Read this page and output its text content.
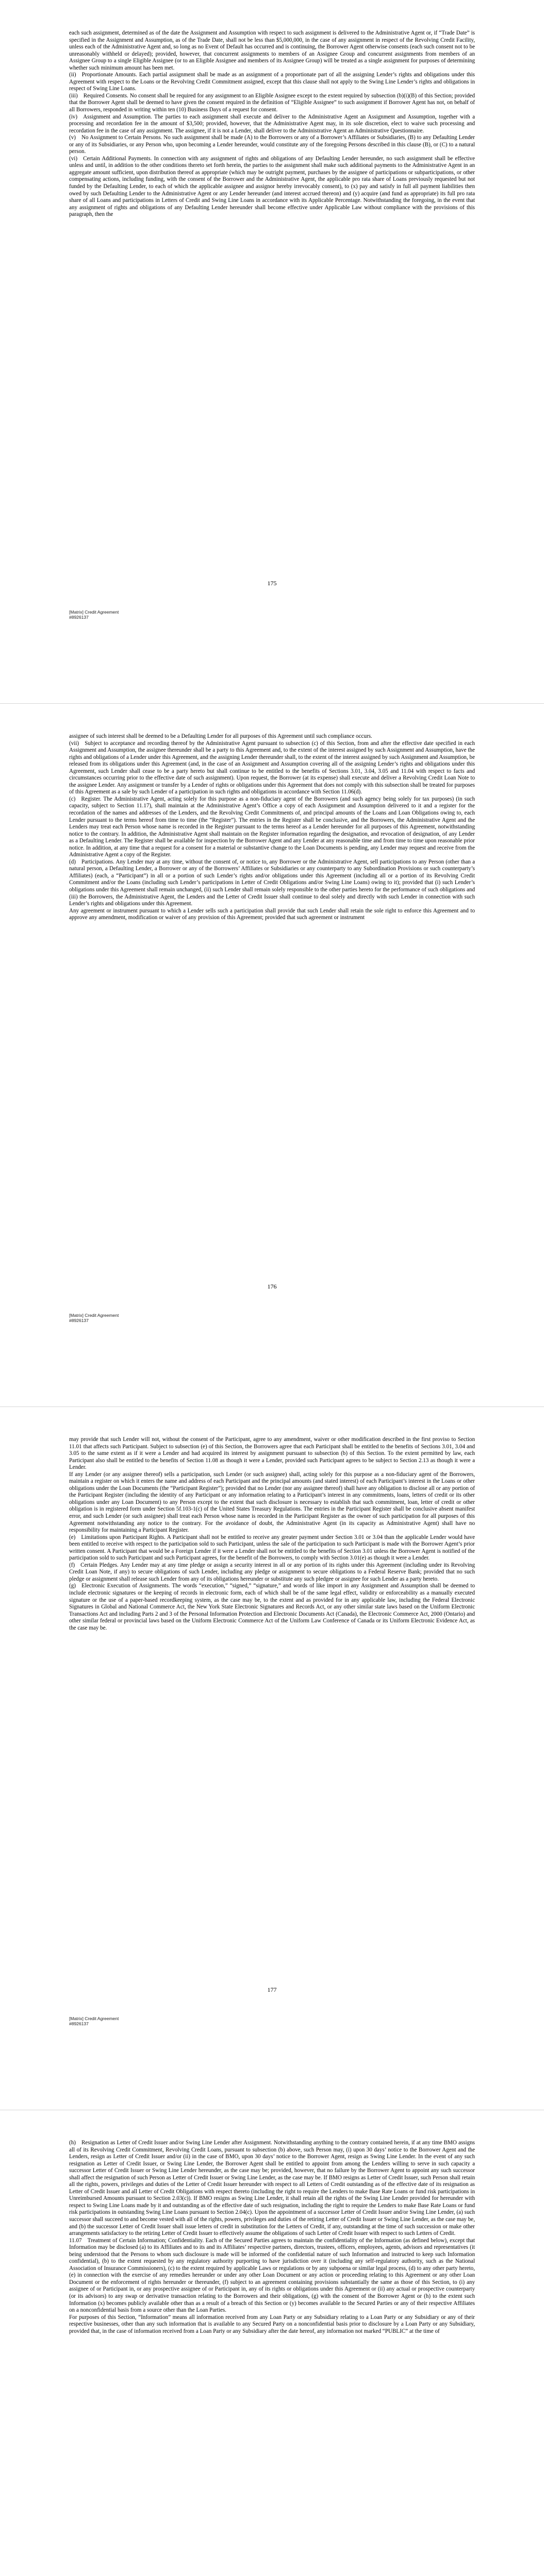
each such assignment, determined as of the date the Assignment and Assumption with respect to such assignment is delivered to the Administrative Agent or, if “Trade Date” is specified in the Assignment and Assumption, as of the Trade Date, shall not be less than $5,000,000, in the case of any assignment in respect of the Revolving Credit Facility, unless each of the Administrative Agent and, so long as no Event of Default has occurred and is continuing, the Borrower Agent otherwise consents (each such consent not to be unreasonably withheld or delayed); provided, however, that concurrent assignments to members of an Assignee Group and concurrent assignments from members of an Assignee Group to a single Eligible Assignee (or to an Eligible Assignee and members of its Assignee Group) will be treated as a single assignment for purposes of determining whether such minimum amount has been met.
(ii) Proportionate Amounts. Each partial assignment shall be made as an assignment of a proportionate part of all the assigning Lender’s rights and obligations under this Agreement with respect to the Loans or the Revolving Credit Commitment assigned, except that this clause shall not apply to the Swing Line Lender’s rights and obligations in respect of Swing Line Loans.
(iii) Required Consents. No consent shall be required for any assignment to an Eligible Assignee except to the extent required by subsection (b)(i)(B) of this Section; provided that the Borrower Agent shall be deemed to have given the consent required in the definition of “Eligible Assignee” to such assignment if Borrower Agent has not, on behalf of all Borrowers, responded in writing within ten (10) Business Days of a request for consent.
(iv) Assignment and Assumption. The parties to each assignment shall execute and deliver to the Administrative Agent an Assignment and Assumption, together with a processing and recordation fee in the amount of $3,500; provided, however, that the Administrative Agent may, in its sole discretion, elect to waive such processing and recordation fee in the case of any assignment. The assignee, if it is not a Lender, shall deliver to the Administrative Agent an Administrative Questionnaire.
(v) No Assignment to Certain Persons. No such assignment shall be made (A) to the Borrowers or any of a Borrower’s Affiliates or Subsidiaries, (B) to any Defaulting Lender or any of its Subsidiaries, or any Person who, upon becoming a Lender hereunder, would constitute any of the foregoing Persons described in this clause (B), or (C) to a natural person.
(vi) Certain Additional Payments. In connection with any assignment of rights and obligations of any Defaulting Lender hereunder, no such assignment shall be effective unless and until, in addition to the other conditions thereto set forth herein, the parties to the assignment shall make such additional payments to the Administrative Agent in an aggregate amount sufficient, upon distribution thereof as appropriate (which may be outright payment, purchases by the assignee of participations or subparticipations, or other compensating actions, including funding, with the consent of the Borrower and the Administrative Agent, the applicable pro rata share of Loans previously requested but not funded by the Defaulting Lender, to each of which the applicable assignee and assignor hereby irrevocably consent), to (x) pay and satisfy in full all payment liabilities then owed by such Defaulting Lender to the Administrative Agent or any Lender hereunder (and interest accrued thereon) and (y) acquire (and fund as appropriate) its full pro rata share of all Loans and participations in Letters of Credit and Swing Line Loans in accordance with its Applicable Percentage. Notwithstanding the foregoing, in the event that any assignment of rights and obligations of any Defaulting Lender hereunder shall become effective under Applicable Law without compliance with the provisions of this paragraph, then the

175

[Matrix] Credit Agreement
#8926137

assignee of such interest shall be deemed to be a Defaulting Lender for all purposes of this Agreement until such compliance occurs.
(vii) Subject to acceptance and recording thereof by the Administrative Agent pursuant to subsection (c) of this Section, from and after the effective date specified in each Assignment and Assumption, the assignee thereunder shall be a party to this Agreement and, to the extent of the interest assigned by such Assignment and Assumption, have the rights and obligations of a Lender under this Agreement, and the assigning Lender thereunder shall, to the extent of the interest assigned by such Assignment and Assumption, be released from its obligations under this Agreement (and, in the case of an Assignment and Assumption covering all of the assigning Lender’s rights and obligations under this Agreement, such Lender shall cease to be a party hereto but shall continue to be entitled to the benefits of Sections 3.01, 3.04, 3.05 and 11.04 with respect to facts and circumstances occurring prior to the effective date of such assignment). Upon request, the Borrower (at its expense) shall execute and deliver a Revolving Credit Loan Note to the assignee Lender. Any assignment or transfer by a Lender of rights or obligations under this Agreement that does not comply with this subsection shall be treated for purposes of this Agreement as a sale by such Lender of a participation in such rights and obligations in accordance with Section 11.06(d).
(c) Register. The Administrative Agent, acting solely for this purpose as a non-fiduciary agent of the Borrowers (and such agency being solely for tax purposes) (in such capacity, subject to Section 11.17), shall maintain at the Administrative Agent’s Office a copy of each Assignment and Assumption delivered to it and a register for the recordation of the names and addresses of the Lenders, and the Revolving Credit Commitments of, and principal amounts of the Loans and Loan Obligations owing to, each Lender pursuant to the terms hereof from time to time (the “Register”). The entries in the Register shall be conclusive, and the Borrowers, the Administrative Agent and the Lenders may treat each Person whose name is recorded in the Register pursuant to the terms hereof as a Lender hereunder for all purposes of this Agreement, notwithstanding notice to the contrary. In addition, the Administrative Agent shall maintain on the Register information regarding the designation, and revocation of designation, of any Lender as a Defaulting Lender. The Register shall be available for inspection by the Borrower Agent and any Lender at any reasonable time and from time to time upon reasonable prior notice. In addition, at any time that a request for a consent for a material or substantive change to the Loan Documents is pending, any Lender may request and receive from the Administrative Agent a copy of the Register.
(d) Participations. Any Lender may at any time, without the consent of, or notice to, any Borrower or the Administrative Agent, sell participations to any Person (other than a natural person, a Defaulting Lender, a Borrower or any of the Borrowers’ Affiliates or Subsidiaries or any counterparty to any Subordination Provisions or such counterparty’s Affiliates) (each, a “Participant”) in all or a portion of such Lender’s rights and/or obligations under this Agreement (including all or a portion of its Revolving Credit Commitment and/or the Loans (including such Lender’s participations in Letter of Credit Obligations and/or Swing Line Loans) owing to it); provided that (i) such Lender’s obligations under this Agreement shall remain unchanged, (ii) such Lender shall remain solely responsible to the other parties hereto for the performance of such obligations and (iii) the Borrowers, the Administrative Agent, the Lenders and the Letter of Credit Issuer shall continue to deal solely and directly with such Lender in connection with such Lender’s rights and obligations under this Agreement.
Any agreement or instrument pursuant to which a Lender sells such a participation shall provide that such Lender shall retain the sole right to enforce this Agreement and to approve any amendment, modification or waiver of any provision of this Agreement; provided that such agreement or instrument

176

[Matrix] Credit Agreement
#8926137

may provide that such Lender will not, without the consent of the Participant, agree to any amendment, waiver or other modification described in the first proviso to Section 11.01 that affects such Participant. Subject to subsection (e) of this Section, the Borrowers agree that each Participant shall be entitled to the benefits of Sections 3.01, 3.04 and 3.05 to the same extent as if it were a Lender and had acquired its interest by assignment pursuant to subsection (b) of this Section. To the extent permitted by law, each Participant also shall be entitled to the benefits of Section 11.08 as though it were a Lender, provided such Participant agrees to be subject to Section 2.13 as though it were a Lender.
If any Lender (or any assignee thereof) sells a participation, such Lender (or such assignee) shall, acting solely for this purpose as a non-fiduciary agent of the Borrowers, maintain a register on which it enters the name and address of each Participant and the principal amounts (and stated interest) of each Participant’s interest in the Loans or other obligations under the Loan Documents (the “Participant Register”); provided that no Lender (nor any assignee thereof) shall have any obligation to disclose all or any portion of the Participant Register (including the identity of any Participant or any information relating to a Participant’s interest in any commitments, loans, letters of credit or its other obligations under any Loan Document) to any Person except to the extent that such disclosure is necessary to establish that such commitment, loan, letter of credit or other obligation is in registered form under Section 5f.103-1(c) of the United States Treasury Regulations. The entries in the Participant Register shall be conclusive absent manifest error, and such Lender (or such assignee) shall treat each Person whose name is recorded in the Participant Register as the owner of such participation for all purposes of this Agreement notwithstanding any notice to the contrary. For the avoidance of doubt, the Administrative Agent (in its capacity as Administrative Agent) shall have no responsibility for maintaining a Participant Register.
(e) Limitations upon Participant Rights. A Participant shall not be entitled to receive any greater payment under Section 3.01 or 3.04 than the applicable Lender would have been entitled to receive with respect to the participation sold to such Participant, unless the sale of the participation to such Participant is made with the Borrower Agent’s prior written consent. A Participant that would be a Foreign Lender if it were a Lender shall not be entitled to the benefits of Section 3.01 unless the Borrower Agent is notified of the participation sold to such Participant and such Participant agrees, for the benefit of the Borrowers, to comply with Section 3.01(e) as though it were a Lender.
(f) Certain Pledges. Any Lender may at any time pledge or assign a security interest in all or any portion of its rights under this Agreement (including under its Revolving Credit Loan Note, if any) to secure obligations of such Lender, including any pledge or assignment to secure obligations to a Federal Reserve Bank; provided that no such pledge or assignment shall release such Lender from any of its obligations hereunder or substitute any such pledgee or assignee for such Lender as a party hereto.
(g) Electronic Execution of Assignments. The words “execution,” “signed,” “signature,” and words of like import in any Assignment and Assumption shall be deemed to include electronic signatures or the keeping of records in electronic form, each of which shall be of the same legal effect, validity or enforceability as a manually executed signature or the use of a paper-based recordkeeping system, as the case may be, to the extent and as provided for in any applicable law, including the Federal Electronic Signatures in Global and National Commerce Act, the New York State Electronic Signatures and Records Act, or any other similar state laws based on the Uniform Electronic Transactions Act and including Parts 2 and 3 of the Personal Information Protection and Electronic Documents Act (Canada), the Electronic Commerce Act, 2000 (Ontario) and other similar federal or provincial laws based on the Uniform Electronic Commerce Act of the Uniform Law Conference of Canada or its Uniform Electronic Evidence Act, as the case may be.

177

[Matrix] Credit Agreement
#8926137

(h) Resignation as Letter of Credit Issuer and/or Swing Line Lender after Assignment. Notwithstanding anything to the contrary contained herein, if at any time BMO assigns all of its Revolving Credit Commitment, Revolving Credit Loans, pursuant to subsection (b) above, such Person may, (i) upon 30 days’ notice to the Borrower Agent and the Lenders, resign as Letter of Credit Issuer and/or (ii) in the case of BMO, upon 30 days’ notice to the Borrower Agent, resign as Swing Line Lender. In the event of any such resignation as Letter of Credit Issuer, or Swing Line Lender, the Borrower Agent shall be entitled to appoint from among the Lenders willing to serve in such capacity a successor Letter of Credit Issuer or Swing Line Lender hereunder, as the case may be; provided, however, that no failure by the Borrower Agent to appoint any such successor shall affect the resignation of such Person as Letter of Credit Issuer or Swing Line Lender, as the case may be. If BMO resigns as Letter of Credit Issuer, such Person shall retain all the rights, powers, privileges and duties of the Letter of Credit Issuer hereunder with respect to all Letters of Credit outstanding as of the effective date of its resignation as Letter of Credit Issuer and all Letter of Credit Obligations with respect thereto (including the right to require the Lenders to make Base Rate Loans or fund risk participations in Unreimbursed Amounts pursuant to Section 2.03(c)). If BMO resigns as Swing Line Lender, it shall retain all the rights of the Swing Line Lender provided for hereunder with respect to Swing Line Loans made by it and outstanding as of the effective date of such resignation, including the right to require the Lenders to make Base Rate Loans or fund risk participations in outstanding Swing Line Loans pursuant to Section 2.04(c). Upon the appointment of a successor Letter of Credit Issuer and/or Swing Line Lender, (a) such successor shall succeed to and become vested with all of the rights, powers, privileges and duties of the retiring Letter of Credit Issuer or Swing Line Lender, as the case may be, and (b) the successor Letter of Credit Issuer shall issue letters of credit in substitution for the Letters of Credit, if any, outstanding at the time of such succession or make other arrangements satisfactory to the retiring Letter of Credit Issuer to effectively assume the obligations of such Letter of Credit Issuer with respect to such Letters of Credit.
11.07 Treatment of Certain Information; Confidentiality. Each of the Secured Parties agrees to maintain the confidentiality of the Information (as defined below), except that Information may be disclosed (a) to its Affiliates and to its and its Affiliates’ respective partners, directors, trustees, officers, employees, agents, advisors and representatives (it being understood that the Persons to whom such disclosure is made will be informed of the confidential nature of such Information and instructed to keep such Information confidential), (b) to the extent requested by any regulatory authority purporting to have jurisdiction over it (including any self-regulatory authority, such as the National Association of Insurance Commissioners), (c) to the extent required by applicable Laws or regulations or by any subpoena or similar legal process, (d) to any other party hereto, (e) in connection with the exercise of any remedies hereunder or under any other Loan Document or any action or proceeding relating to this Agreement or any other Loan Document or the enforcement of rights hereunder or thereunder, (f) subject to an agreement containing provisions substantially the same as those of this Section, to (i) any assignee of or Participant in, or any prospective assignee of or Participant in, any of its rights or obligations under this Agreement or (ii) any actual or prospective counterparty (or its advisors) to any swap or derivative transaction relating to the Borrowers and their obligations, (g) with the consent of the Borrower Agent or (h) to the extent such Information (x) becomes publicly available other than as a result of a breach of this Section or (y) becomes available to the Secured Parties or any of their respective Affiliates on a nonconfidential basis from a source other than the Loan Parties.
For purposes of this Section, “Information” means all information received from any Loan Party or any Subsidiary relating to a Loan Party or any Subsidiary or any of their respective businesses, other than any such information that is available to any Secured Party on a nonconfidential basis prior to disclosure by a Loan Party or any Subsidiary, provided that, in the case of information received from a Loan Party or any Subsidiary after the date hereof, any information not marked “PUBLIC” at the time of
